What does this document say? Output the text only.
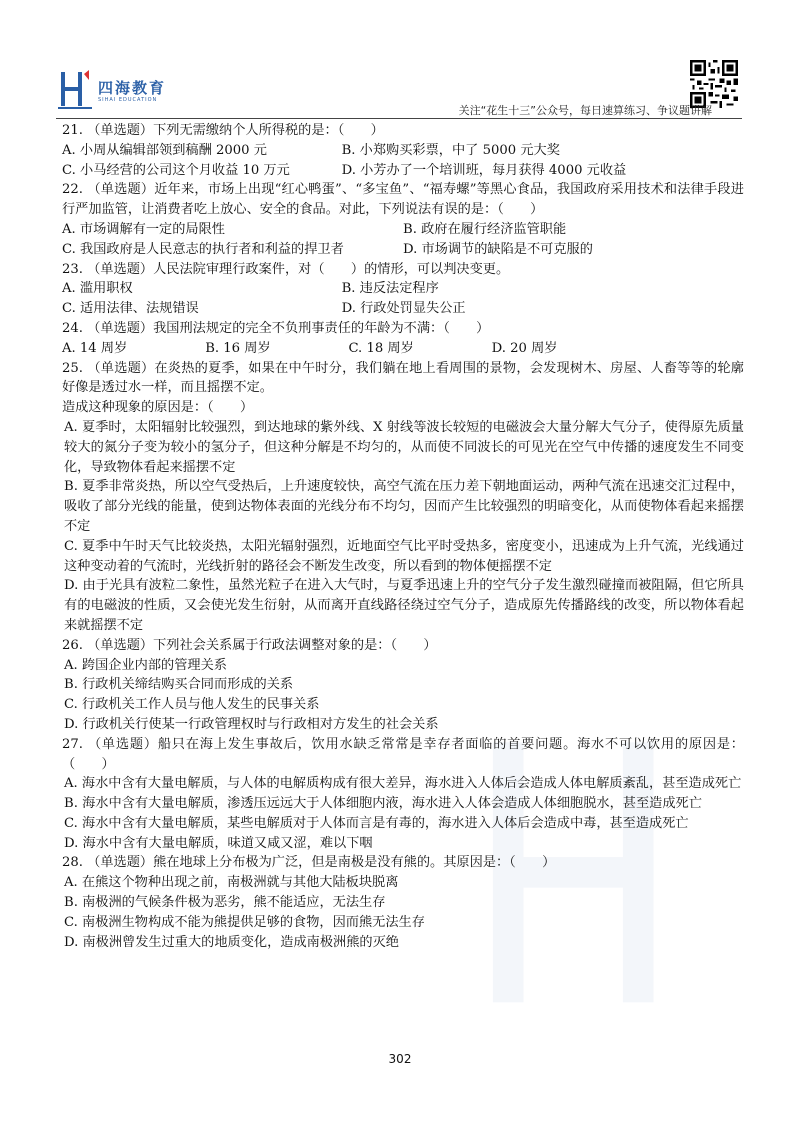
四海教育
SIHAI EDUCATION
关注“花生十三”公众号，每日速算练习、争议题讲解

21. （单选题）下列无需缴纳个人所得税的是：（　　）

A. 小周从编辑部领到稿酬 2000 元	B. 小郑购买彩票，中了 5000 元大奖

C. 小马经营的公司这个月收益 10 万元	D. 小芳办了一个培训班，每月获得 4000 元收益

22. （单选题）近年来，市场上出现“红心鸭蛋”、“多宝鱼”、“福寿螺”等黑心食品，我国政府采用技术和法律手段进行严加监管，让消费者吃上放心、安全的食品。对此，下列说法有误的是：（　　）

A. 市场调解有一定的局限性	B. 政府在履行经济监管职能

C. 我国政府是人民意志的执行者和利益的捍卫者	D. 市场调节的缺陷是不可克服的

23. （单选题）人民法院审理行政案件，对（　　）的情形，可以判决变更。

A. 滥用职权	B. 违反法定程序

C. 适用法律、法规错误	D. 行政处罚显失公正

24. （单选题）我国刑法规定的完全不负刑事责任的年龄为不满：（　　）

A. 14 周岁	B. 16 周岁	C. 18 周岁	D. 20 周岁

25. （单选题）在炎热的夏季，如果在中午时分，我们躺在地上看周围的景物，会发现树木、房屋、人畜等等的轮廓好像是透过水一样，而且摇摆不定。

造成这种现象的原因是：（　　）

A. 夏季时，太阳辐射比较强烈，到达地球的紫外线、X 射线等波长较短的电磁波会大量分解大气分子，使得原先质量较大的氮分子变为较小的氢分子，但这种分解是不均匀的，从而使不同波长的可见光在空气中传播的速度发生不同变化，导致物体看起来摇摆不定

B. 夏季非常炎热，所以空气受热后，上升速度较快，高空气流在压力差下朝地面运动，两种气流在迅速交汇过程中，吸收了部分光线的能量，使到达物体表面的光线分布不均匀，因而产生比较强烈的明暗变化，从而使物体看起来摇摆不定

C. 夏季中午时天气比较炎热，太阳光辐射强烈，近地面空气比平时受热多，密度变小，迅速成为上升气流，光线通过这种变动着的气流时，光线折射的路径会不断发生改变，所以看到的物体便摇摆不定

D. 由于光具有波粒二象性，虽然光粒子在进入大气时，与夏季迅速上升的空气分子发生激烈碰撞而被阻隔，但它所具有的电磁波的性质，又会使光发生衍射，从而离开直线路径绕过空气分子，造成原先传播路线的改变，所以物体看起来就摇摆不定

26. （单选题）下列社会关系属于行政法调整对象的是：（　　）

A. 跨国企业内部的管理关系

B. 行政机关缔结购买合同而形成的关系

C. 行政机关工作人员与他人发生的民事关系

D. 行政机关行使某一行政管理权时与行政相对方发生的社会关系

27. （单选题）船只在海上发生事故后，饮用水缺乏常常是幸存者面临的首要问题。海水不可以饮用的原因是：（　　）

A. 海水中含有大量电解质，与人体的电解质构成有很大差异，海水进入人体后会造成人体电解质紊乱，甚至造成死亡

B. 海水中含有大量电解质，渗透压远远大于人体细胞内液，海水进入人体会造成人体细胞脱水，甚至造成死亡

C. 海水中含有大量电解质，某些电解质对于人体而言是有毒的，海水进入人体后会造成中毒，甚至造成死亡

D. 海水中含有大量电解质，味道又咸又涩，难以下咽

28. （单选题）熊在地球上分布极为广泛，但是南极是没有熊的。其原因是：（　　）

A. 在熊这个物种出现之前，南极洲就与其他大陆板块脱离

B. 南极洲的气候条件极为恶劣，熊不能适应，无法生存

C. 南极洲生物构成不能为熊提供足够的食物，因而熊无法生存

D. 南极洲曾发生过重大的地质变化，造成南极洲熊的灭绝

302
